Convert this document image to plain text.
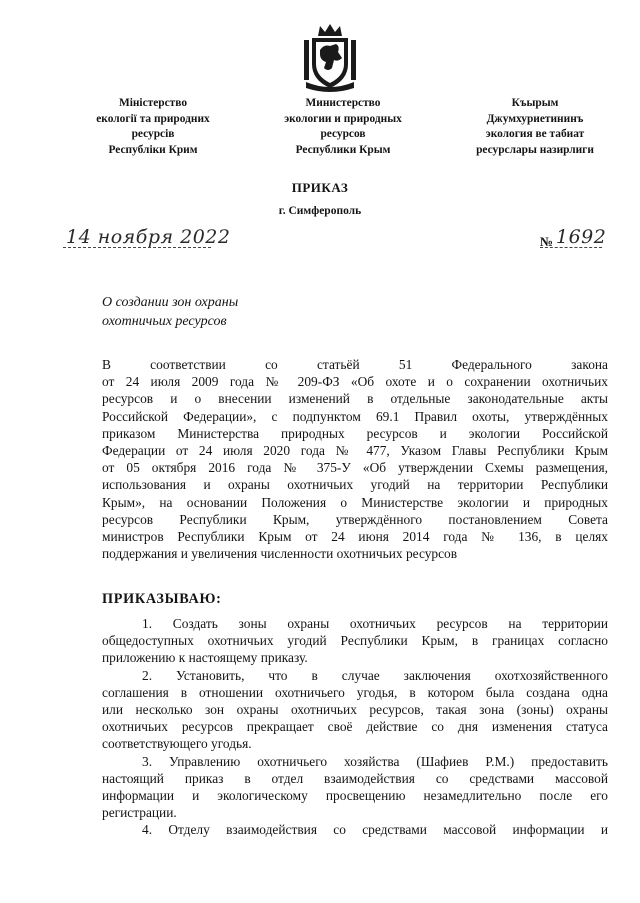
Міністерство
екології та природних
ресурсів
Республіки Крим
Министерство
экологии и природных
ресурсов
Республики Крым
Къырым
Джумхуриетининъ
экология ве табиат
ресурслары назирлиги
ПРИКАЗ
г. Симферополь
14 ноября 2022	№ 1692
О создании зон охраны
охотничьих ресурсов
В     соответствии     со     статьёй     51     Федерального     закона
от 24 июля 2009 года № 209-ФЗ «Об охоте и о сохранении охотничьих
ресурсов и о внесении изменений в отдельные законодательные акты
Российской Федерации», с подпунктом 69.1 Правил охоты, утверждённых
приказом Министерства природных ресурсов и экологии Российской
Федерации от 24 июля 2020 года № 477, Указом Главы Республики Крым
от 05 октября 2016 года № 375-У «Об утверждении Схемы размещения,
использования и охраны охотничьих угодий на территории Республики
Крым», на основании Положения о Министерстве экологии и природных
ресурсов Республики Крым, утверждённого постановлением Совета
министров Республики Крым от 24 июня 2014 года № 136, в целях
поддержания и увеличения численности охотничьих ресурсов
ПРИКАЗЫВАЮ:
1. Создать зоны охраны охотничьих ресурсов на территории
общедоступных охотничьих угодий Республики Крым, в границах согласно
приложению к настоящему приказу.
2. Установить, что в случае заключения охотхозяйственного
соглашения в отношении охотничьего угодья, в котором была создана одна
или несколько зон охраны охотничьих ресурсов, такая зона (зоны) охраны
охотничьих ресурсов прекращает своё действие со дня изменения статуса
соответствующего угодья.
3. Управлению охотничьего хозяйства (Шафиев Р.М.) предоставить
настоящий приказ в отдел взаимодействия со средствами массовой
информации и экологическому просвещению незамедлительно после его
регистрации.
4. Отделу взаимодействия со средствами массовой информации и
